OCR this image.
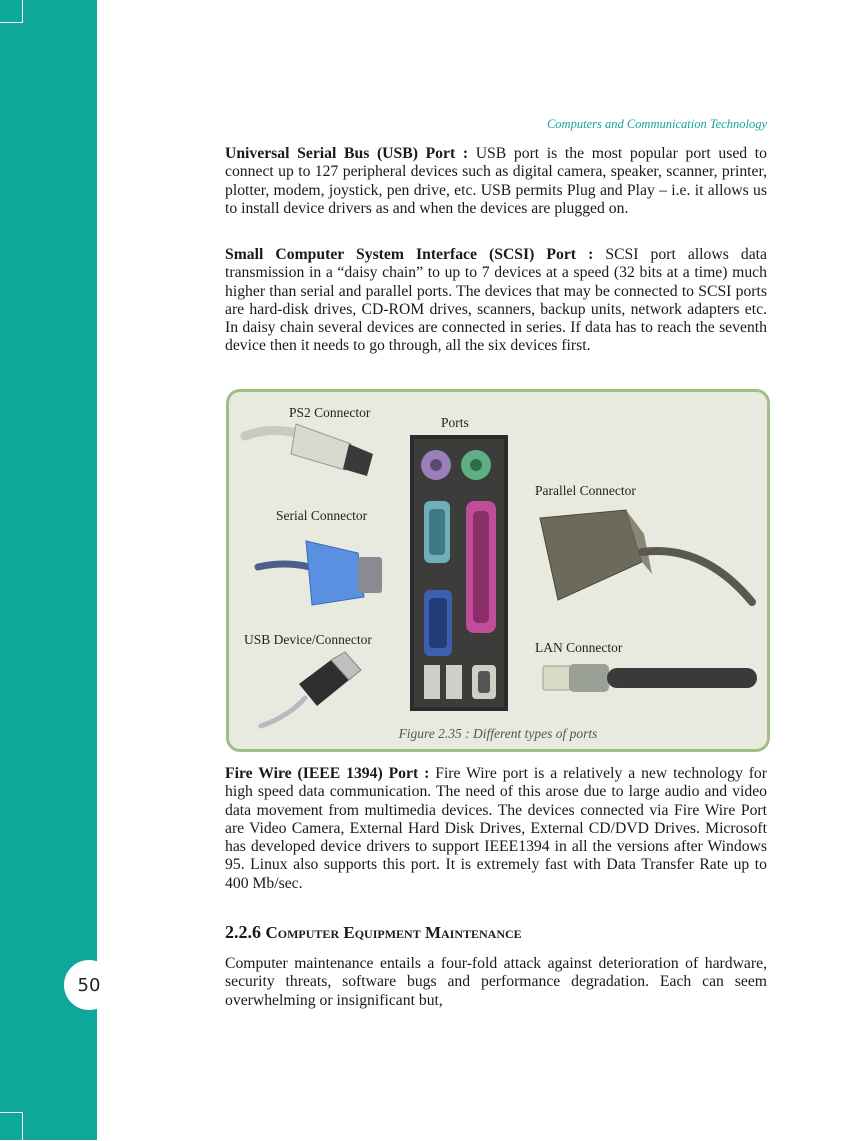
50
Computers and Communication Technology

Universal Serial Bus (USB) Port : USB port is the most popular port used to connect up to 127 peripheral devices such as digital camera, speaker, scanner, printer, plotter, modem, joystick, pen drive, etc. USB permits Plug and Play – i.e. it allows us to install device drivers as and when the devices are plugged on.

Small Computer System Interface (SCSI) Port : SCSI port allows data transmission in a “daisy chain” to up to 7 devices at a speed (32 bits at a time) much higher than serial and parallel ports. The devices that may be connected to SCSI ports are hard-disk drives, CD-ROM drives, scanners, backup units, network adapters etc. In daisy chain several devices are connected in series. If data has to reach the seventh device then it needs to go through, all the six devices first.

PS2 Connector
Ports
Parallel Connector
Serial Connector
USB Device/Connector
LAN Connector
Figure 2.35 : Different types of ports

Fire Wire (IEEE 1394) Port : Fire Wire port is a relatively a new technology for high speed data communication. The need of this arose due to large audio and video data movement from multimedia devices. The devices connected via Fire Wire Port are Video Camera, External Hard Disk Drives, External CD/DVD Drives. Microsoft has developed device drivers to support IEEE1394 in all the versions after Windows 95. Linux also supports this port. It is extremely fast with Data Transfer Rate up to 400 Mb/sec.

2.2.6 Computer Equipment Maintenance

Computer maintenance entails a four-fold attack against deterioration of hardware, security threats, software bugs and performance degradation. Each can seem overwhelming or insignificant but,
